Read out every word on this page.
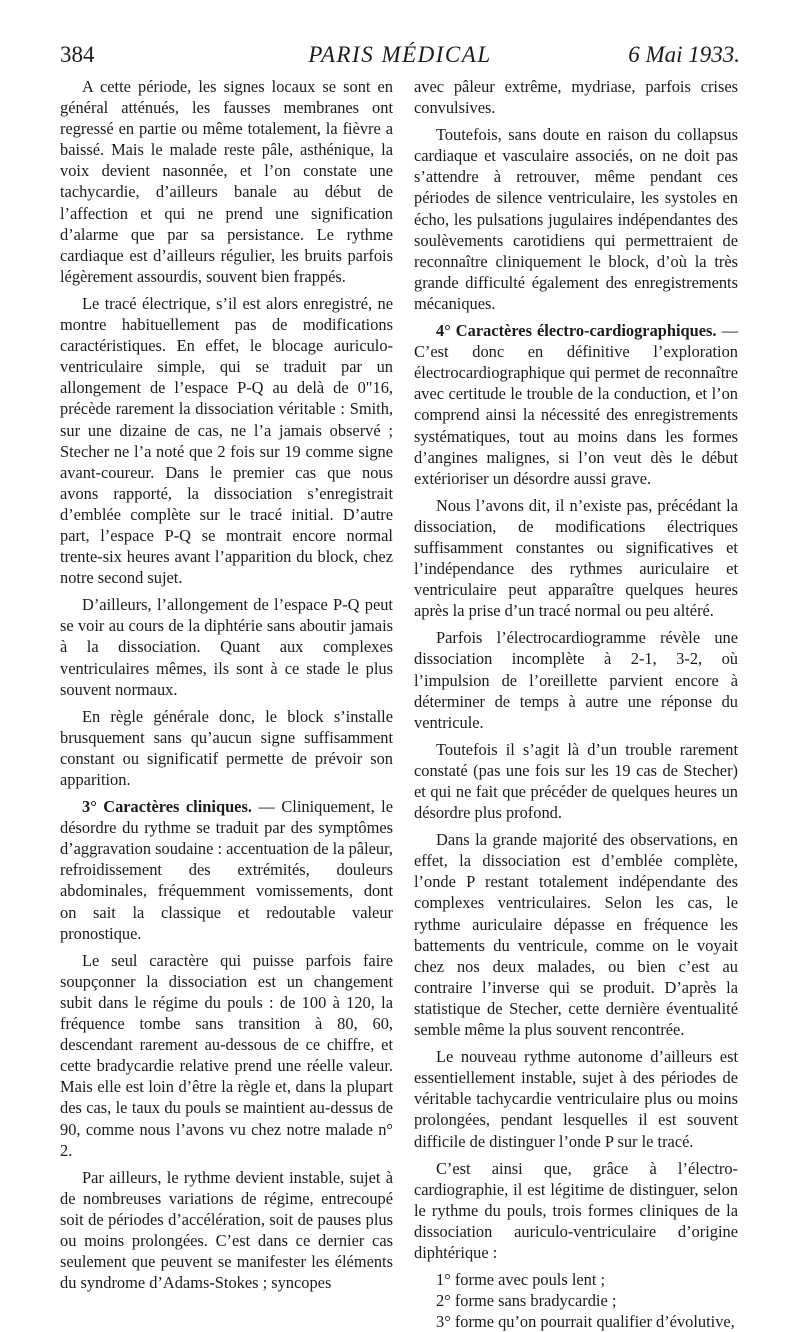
384	PARIS MÉDICAL	6 Mai 1933.

A cette période, les signes locaux se sont en général atténués, les fausses membranes ont regressé en partie ou même totalement, la fièvre a baissé. Mais le malade reste pâle, asthénique, la voix devient nasonnée, et l’on constate une tachycardie, d’ailleurs banale au début de l’affection et qui ne prend une signification d’alarme que par sa persistance. Le rythme cardiaque est d’ailleurs régulier, les bruits parfois légèrement assourdis, souvent bien frappés.

Le tracé électrique, s’il est alors enregistré, ne montre habituellement pas de modifications caractéristiques. En effet, le blocage auriculo-ventriculaire simple, qui se traduit par un allongement de l’espace P-Q au delà de 0"16, précède rarement la dissociation véritable : Smith, sur une dizaine de cas, ne l’a jamais observé ; Stecher ne l’a noté que 2 fois sur 19 comme signe avant-coureur. Dans le premier cas que nous avons rapporté, la dissociation s’enregistrait d’emblée complète sur le tracé initial. D’autre part, l’espace P-Q se montrait encore normal trente-six heures avant l’apparition du block, chez notre second sujet.

D’ailleurs, l’allongement de l’espace P-Q peut se voir au cours de la diphtérie sans aboutir jamais à la dissociation. Quant aux complexes ventriculaires mêmes, ils sont à ce stade le plus souvent normaux.

En règle générale donc, le block s’installe brusquement sans qu’aucun signe suffisamment constant ou significatif permette de prévoir son apparition.

3° Caractères cliniques. — Cliniquement, le désordre du rythme se traduit par des symptômes d’aggravation soudaine : accentuation de la pâleur, refroidissement des extrémités, douleurs abdominales, fréquemment vomissements, dont on sait la classique et redoutable valeur pronostique.

Le seul caractère qui puisse parfois faire soupçonner la dissociation est un changement subit dans le régime du pouls : de 100 à 120, la fréquence tombe sans transition à 80, 60, descendant rarement au-dessous de ce chiffre, et cette bradycardie relative prend une réelle valeur. Mais elle est loin d’être la règle et, dans la plupart des cas, le taux du pouls se maintient au-dessus de 90, comme nous l’avons vu chez notre malade n° 2.

Par ailleurs, le rythme devient instable, sujet à de nombreuses variations de régime, entrecoupé soit de périodes d’accélération, soit de pauses plus ou moins prolongées. C’est dans ce dernier cas seulement que peuvent se manifester les éléments du syndrome d’Adams-Stokes ; syncopes

avec pâleur extrême, mydriase, parfois crises convulsives.

Toutefois, sans doute en raison du collapsus cardiaque et vasculaire associés, on ne doit pas s’attendre à retrouver, même pendant ces périodes de silence ventriculaire, les systoles en écho, les pulsations jugulaires indépendantes des soulèvements carotidiens qui permettraient de reconnaître cliniquement le block, d’où la très grande difficulté également des enregistrements mécaniques.

4° Caractères électro-cardiographiques. — C’est donc en définitive l’exploration électrocardiographique qui permet de reconnaître avec certitude le trouble de la conduction, et l’on comprend ainsi la nécessité des enregistrements systématiques, tout au moins dans les formes d’angines malignes, si l’on veut dès le début extérioriser un désordre aussi grave.

Nous l’avons dit, il n’existe pas, précédant la dissociation, de modifications électriques suffisamment constantes ou significatives et l’indépendance des rythmes auriculaire et ventriculaire peut apparaître quelques heures après la prise d’un tracé normal ou peu altéré.

Parfois l’électrocardiogramme révèle une dissociation incomplète à 2-1, 3-2, où l’impulsion de l’oreillette parvient encore à déterminer de temps à autre une réponse du ventricule.

Toutefois il s’agit là d’un trouble rarement constaté (pas une fois sur les 19 cas de Stecher) et qui ne fait que précéder de quelques heures un désordre plus profond.

Dans la grande majorité des observations, en effet, la dissociation est d’emblée complète, l’onde P restant totalement indépendante des complexes ventriculaires. Selon les cas, le rythme auriculaire dépasse en fréquence les battements du ventricule, comme on le voyait chez nos deux malades, ou bien c’est au contraire l’inverse qui se produit. D’après la statistique de Stecher, cette dernière éventualité semble même la plus souvent rencontrée.

Le nouveau rythme autonome d’ailleurs est essentiellement instable, sujet à des périodes de véritable tachycardie ventriculaire plus ou moins prolongées, pendant lesquelles il est souvent difficile de distinguer l’onde P sur le tracé.

C’est ainsi que, grâce à l’électro-cardiographie, il est légitime de distinguer, selon le rythme du pouls, trois formes cliniques de la dissociation auriculo-ventriculaire d’origine diphtérique :

1° forme avec pouls lent ;

2° forme sans bradycardie ;

3° forme qu’on pourrait qualifier d’évolutive,
